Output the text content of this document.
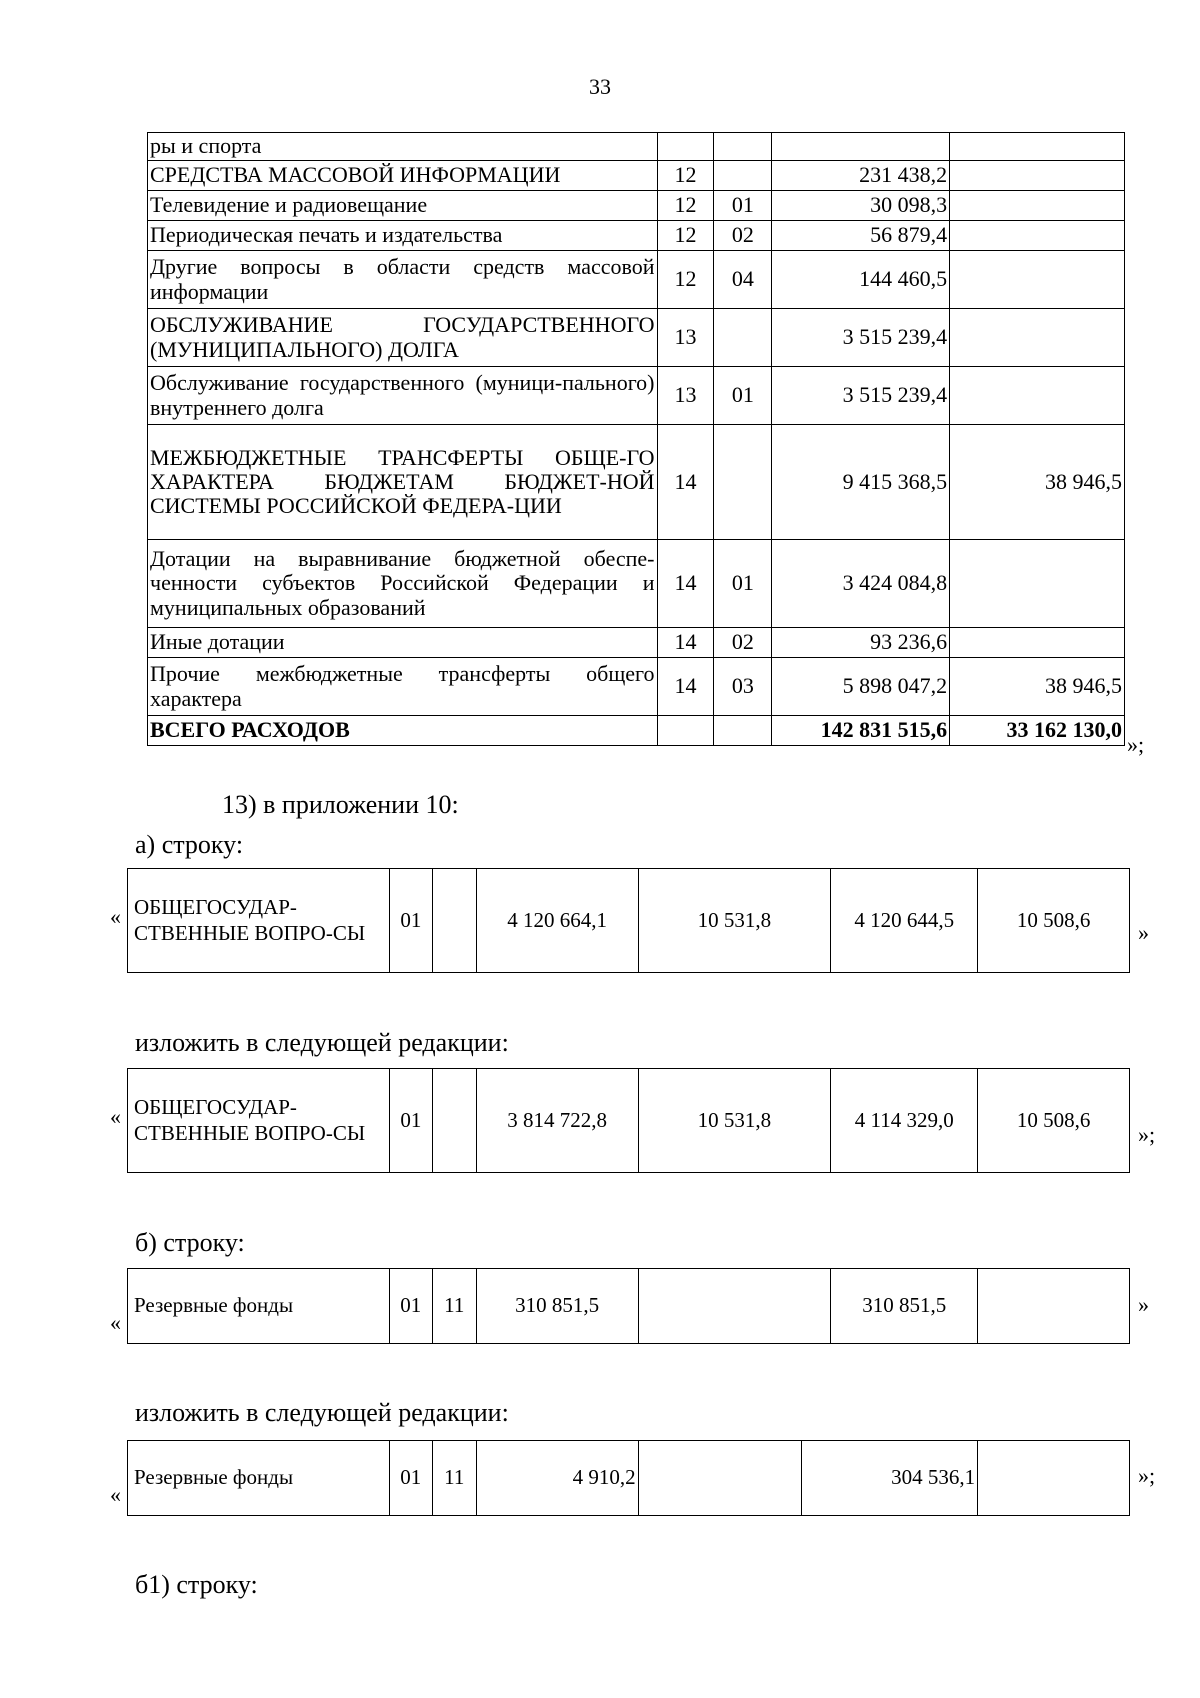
33
ры и спорта				
СРЕДСТВА МАССОВОЙ ИНФОРМАЦИИ	12		231 438,2	
Телевидение и радиовещание	12	01	30 098,3	
Периодическая печать и издательства	12	02	56 879,4	
Другие вопросы в области средств массовой информации	12	04	144 460,5	
ОБСЛУЖИВАНИЕ ГОСУДАРСТВЕННОГО (МУНИЦИПАЛЬНОГО) ДОЛГА	13		3 515 239,4	
Обслуживание государственного (муници-пального) внутреннего долга	13	01	3 515 239,4	
МЕЖБЮДЖЕТНЫЕ ТРАНСФЕРТЫ ОБЩЕ-ГО ХАРАКТЕРА БЮДЖЕТАМ БЮДЖЕТ-НОЙ СИСТЕМЫ РОССИЙСКОЙ ФЕДЕРА-ЦИИ	14		9 415 368,5	38 946,5
Дотации на выравнивание бюджетной обеспе-ченности субъектов Российской Федерации и муниципальных образований	14	01	3 424 084,8	
Иные дотации	14	02	93 236,6	
Прочие межбюджетные трансферты общего характера	14	03	5 898 047,2	38 946,5
ВСЕГО РАСХОДОВ			142 831 515,6	33 162 130,0
»;
13) в приложении 10:
а) строку:
« ОБЩЕГОСУДАР-СТВЕННЫЕ ВОПРО-СЫ	01		4 120 664,1	10 531,8	4 120 644,5	10 508,6
»
изложить в следующей редакции:
« ОБЩЕГОСУДАР-СТВЕННЫЕ ВОПРО-СЫ	01		3 814 722,8	10 531,8	4 114 329,0	10 508,6
»;
б) строку:
«
Резервные фонды	01	11	310 851,5		310 851,5		»
изложить в следующей редакции:
«
Резервные фонды	01	11	4 910,2		304 536,1		»;
б1) строку:
